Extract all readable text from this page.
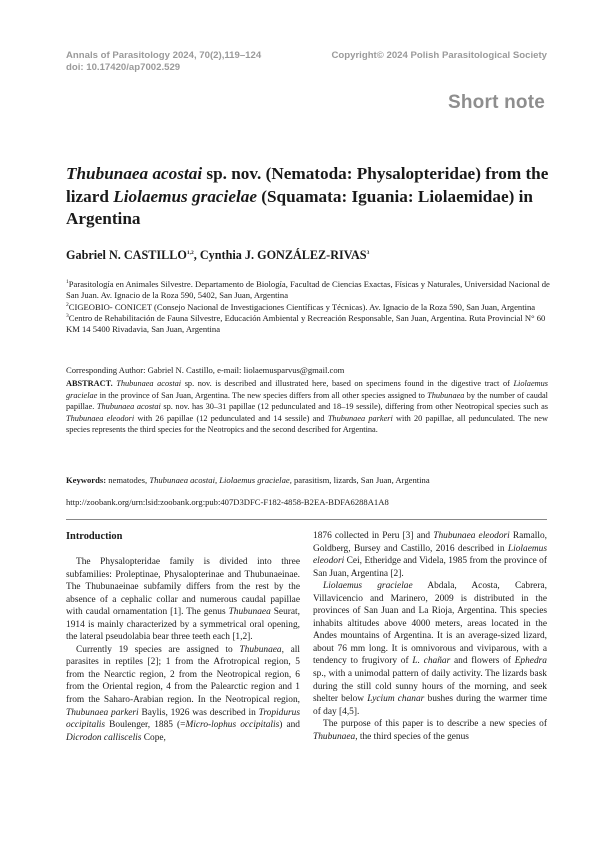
Annals of Parasitology 2024, 70(2),119–124
doi: 10.17420/ap7002.529
Copyright© 2024 Polish Parasitological Society
Short note
Thubunaea acostai sp. nov. (Nematoda: Physalopteridae) from the lizard Liolaemus gracielae (Squamata: Iguania: Liolaemidae) in Argentina
Gabriel N. CASTILLO$^{1,2}$, Cynthia J. GONZÁLEZ-RIVAS$^3$

$^1$Parasitología en Animales Silvestre. Departamento de Biología, Facultad de Ciencias Exactas, Físicas y Naturales, Universidad Nacional de San Juan. Av. Ignacio de la Roza 590, 5402, San Juan, Argentina

$^2$CIGEOBIO- CONICET (Consejo Nacional de Investigaciones Científicas y Técnicas). Av. Ignacio de la Roza 590, San Juan, Argentina

$^3$Centro de Rehabilitación de Fauna Silvestre, Educación Ambiental y Recreación Responsable, San Juan, Argentina. Ruta Provincial N° 60 KM 14 5400 Rivadavia, San Juan, Argentina

Corresponding Author: Gabriel N. Castillo, e-mail: liolaemusparvus@gmail.com

ABSTRACT. Thubunaea acostai sp. nov. is described and illustrated here, based on specimens found in the digestive tract of Liolaemus gracielae in the province of San Juan, Argentina. The new species differs from all other species assigned to Thubunaea by the number of caudal papillae. Thubunaea acostai sp. nov. has 30–31 papillae (12 pedunculated and 18–19 sessile), differing from other Neotropical species such as Thubunaea eleodori with 26 papillae (12 pedunculated and 14 sessile) and Thubunaea parkeri with 20 papillae, all pedunculated. The new species represents the third species for the Neotropics and the second described for Argentina.

Keywords: nematodes, Thubunaea acostai, Liolaemus gracielae, parasitism, lizards, San Juan, Argentina
http://zoobank.org/urn:lsid:zoobank.org:pub:407D3DFC-F182-4858-B2EA-BDFA6288A1A8
Introduction

The Physalopteridae family is divided into three subfamilies: Proleptinae, Physalopterinae and Thubunaeinae. The Thubunaeinae subfamily differs from the rest by the absence of a cephalic collar and numerous caudal papillae with caudal ornamentation [1]. The genus Thubunaea Seurat, 1914 is mainly characterized by a symmetrical oral opening, the lateral pseudolabia bear three teeth each [1,2].

Currently 19 species are assigned to Thubunaea, all parasites in reptiles [2]; 1 from the Afrotropical region, 5 from the Nearctic region, 2 from the Neotropical region, 6 from the Oriental region, 4 from the Palearctic region and 1 from the Saharo-Arabian region. In the Neotropical region, Thubunaea parkeri Baylis, 1926 was described in Tropidurus occipitalis Boulenger, 1885 (=Micro-lophus occipitalis) and Dicrodon calliscelis Cope,

1876 collected in Peru [3] and Thubunaea eleodori Ramallo, Goldberg, Bursey and Castillo, 2016 described in Liolaemus eleodori Cei, Etheridge and Videla, 1985 from the province of San Juan, Argentina [2].

Liolaemus gracielae Abdala, Acosta, Cabrera, Villavicencio and Marinero, 2009 is distributed in the provinces of San Juan and La Rioja, Argentina. This species inhabits altitudes above 4000 meters, areas located in the Andes mountains of Argentina. It is an average-sized lizard, about 76 mm long. It is omnivorous and viviparous, with a tendency to frugivory of L. chañar and flowers of Ephedra sp., with a unimodal pattern of daily activity. The lizards bask during the still cold sunny hours of the morning, and seek shelter below Lycium chanar bushes during the warmer time of day [4,5].

The purpose of this paper is to describe a new species of Thubunaea, the third species of the genus
